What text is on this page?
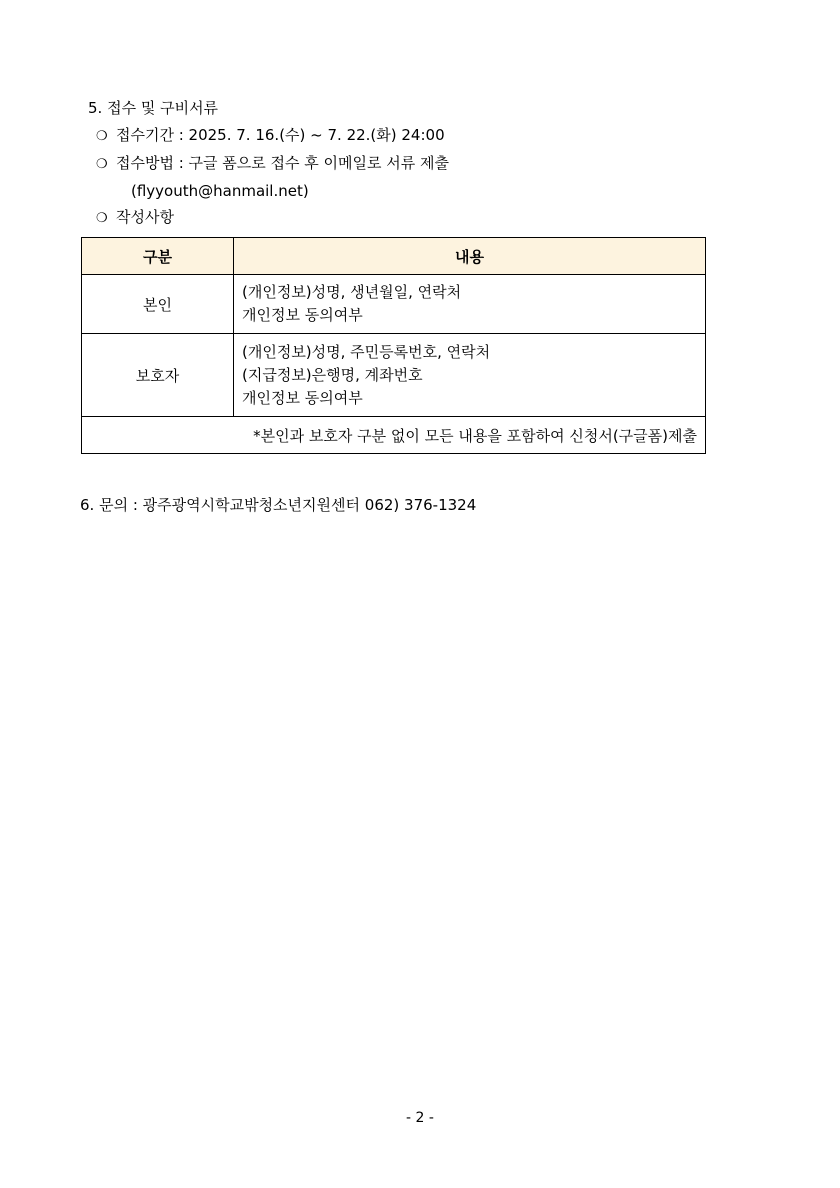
5. 접수 및 구비서류
❍ 접수기간 : 2025. 7. 16.(수) ~ 7. 22.(화) 24:00
❍ 접수방법 : 구글 폼으로 접수 후 이메일로 서류 제출
(flyyouth@hanmail.net)
❍ 작성사항
구분	내용
본인	(개인정보)성명, 생년월일, 연락처
개인정보 동의여부

보호자	(개인정보)성명, 주민등록번호, 연락처
(지급정보)은행명, 계좌번호
개인정보 동의여부

*본인과 보호자 구분 없이 모든 내용을 포함하여 신청서(구글폼)제출	
6. 문의 : 광주광역시학교밖청소년지원센터 062) 376-1324
- 2 -
